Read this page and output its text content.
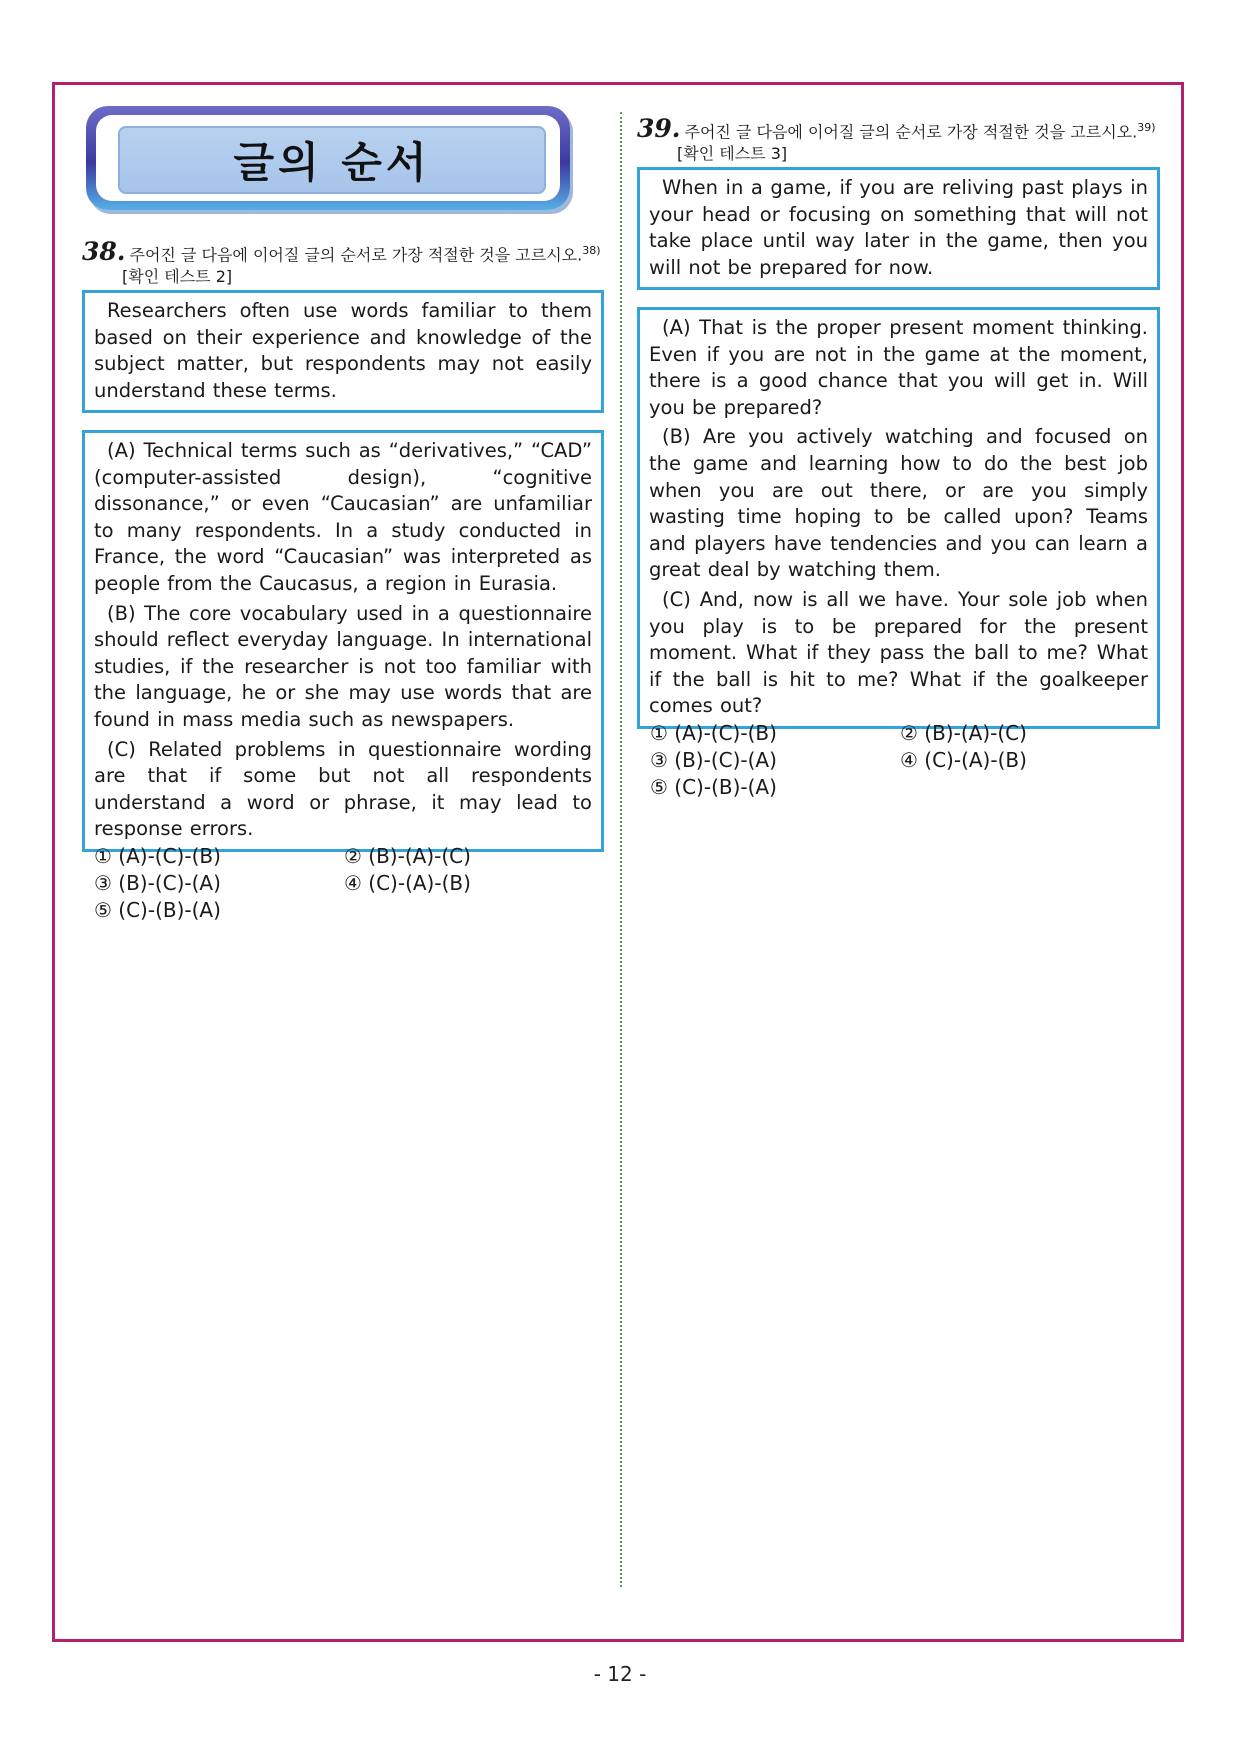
글의 순서
38. 주어진 글 다음에 이어질 글의 순서로 가장 적절한 것을 고르시오.$^{38)}$
[확인 테스트 2]

Researchers often use words familiar to them based on their experience and knowledge of the subject matter, but respondents may not easily understand these terms.

(A) Technical terms such as “derivatives,” “CAD” (computer-assisted design), “cognitive dissonance,” or even “Caucasian” are unfamiliar to many respondents. In a study conducted in France, the word “Caucasian” was interpreted as people from the Caucasus, a region in Eurasia.

(B) The core vocabulary used in a questionnaire should reflect everyday language. In international studies, if the researcher is not too familiar with the language, he or she may use words that are found in mass media such as newspapers.

(C) Related problems in questionnaire wording are that if some but not all respondents understand a word or phrase, it may lead to response errors.

① (A)-(C)-(B)	② (B)-(A)-(C)
③ (B)-(C)-(A)	④ (C)-(A)-(B)
⑤ (C)-(B)-(A)
39. 주어진 글 다음에 이어질 글의 순서로 가장 적절한 것을 고르시오.$^{39)}$
[확인 테스트 3]

When in a game, if you are reliving past plays in your head or focusing on something that will not take place until way later in the game, then you will not be prepared for now.

(A) That is the proper present moment thinking. Even if you are not in the game at the moment, there is a good chance that you will get in. Will you be prepared?

(B) Are you actively watching and focused on the game and learning how to do the best job when you are out there, or are you simply wasting time hoping to be called upon? Teams and players have tendencies and you can learn a great deal by watching them.

(C) And, now is all we have. Your sole job when you play is to be prepared for the present moment. What if they pass the ball to me? What if the ball is hit to me? What if the goalkeeper comes out?

① (A)-(C)-(B)	② (B)-(A)-(C)
③ (B)-(C)-(A)	④ (C)-(A)-(B)
⑤ (C)-(B)-(A)
- 12 -
